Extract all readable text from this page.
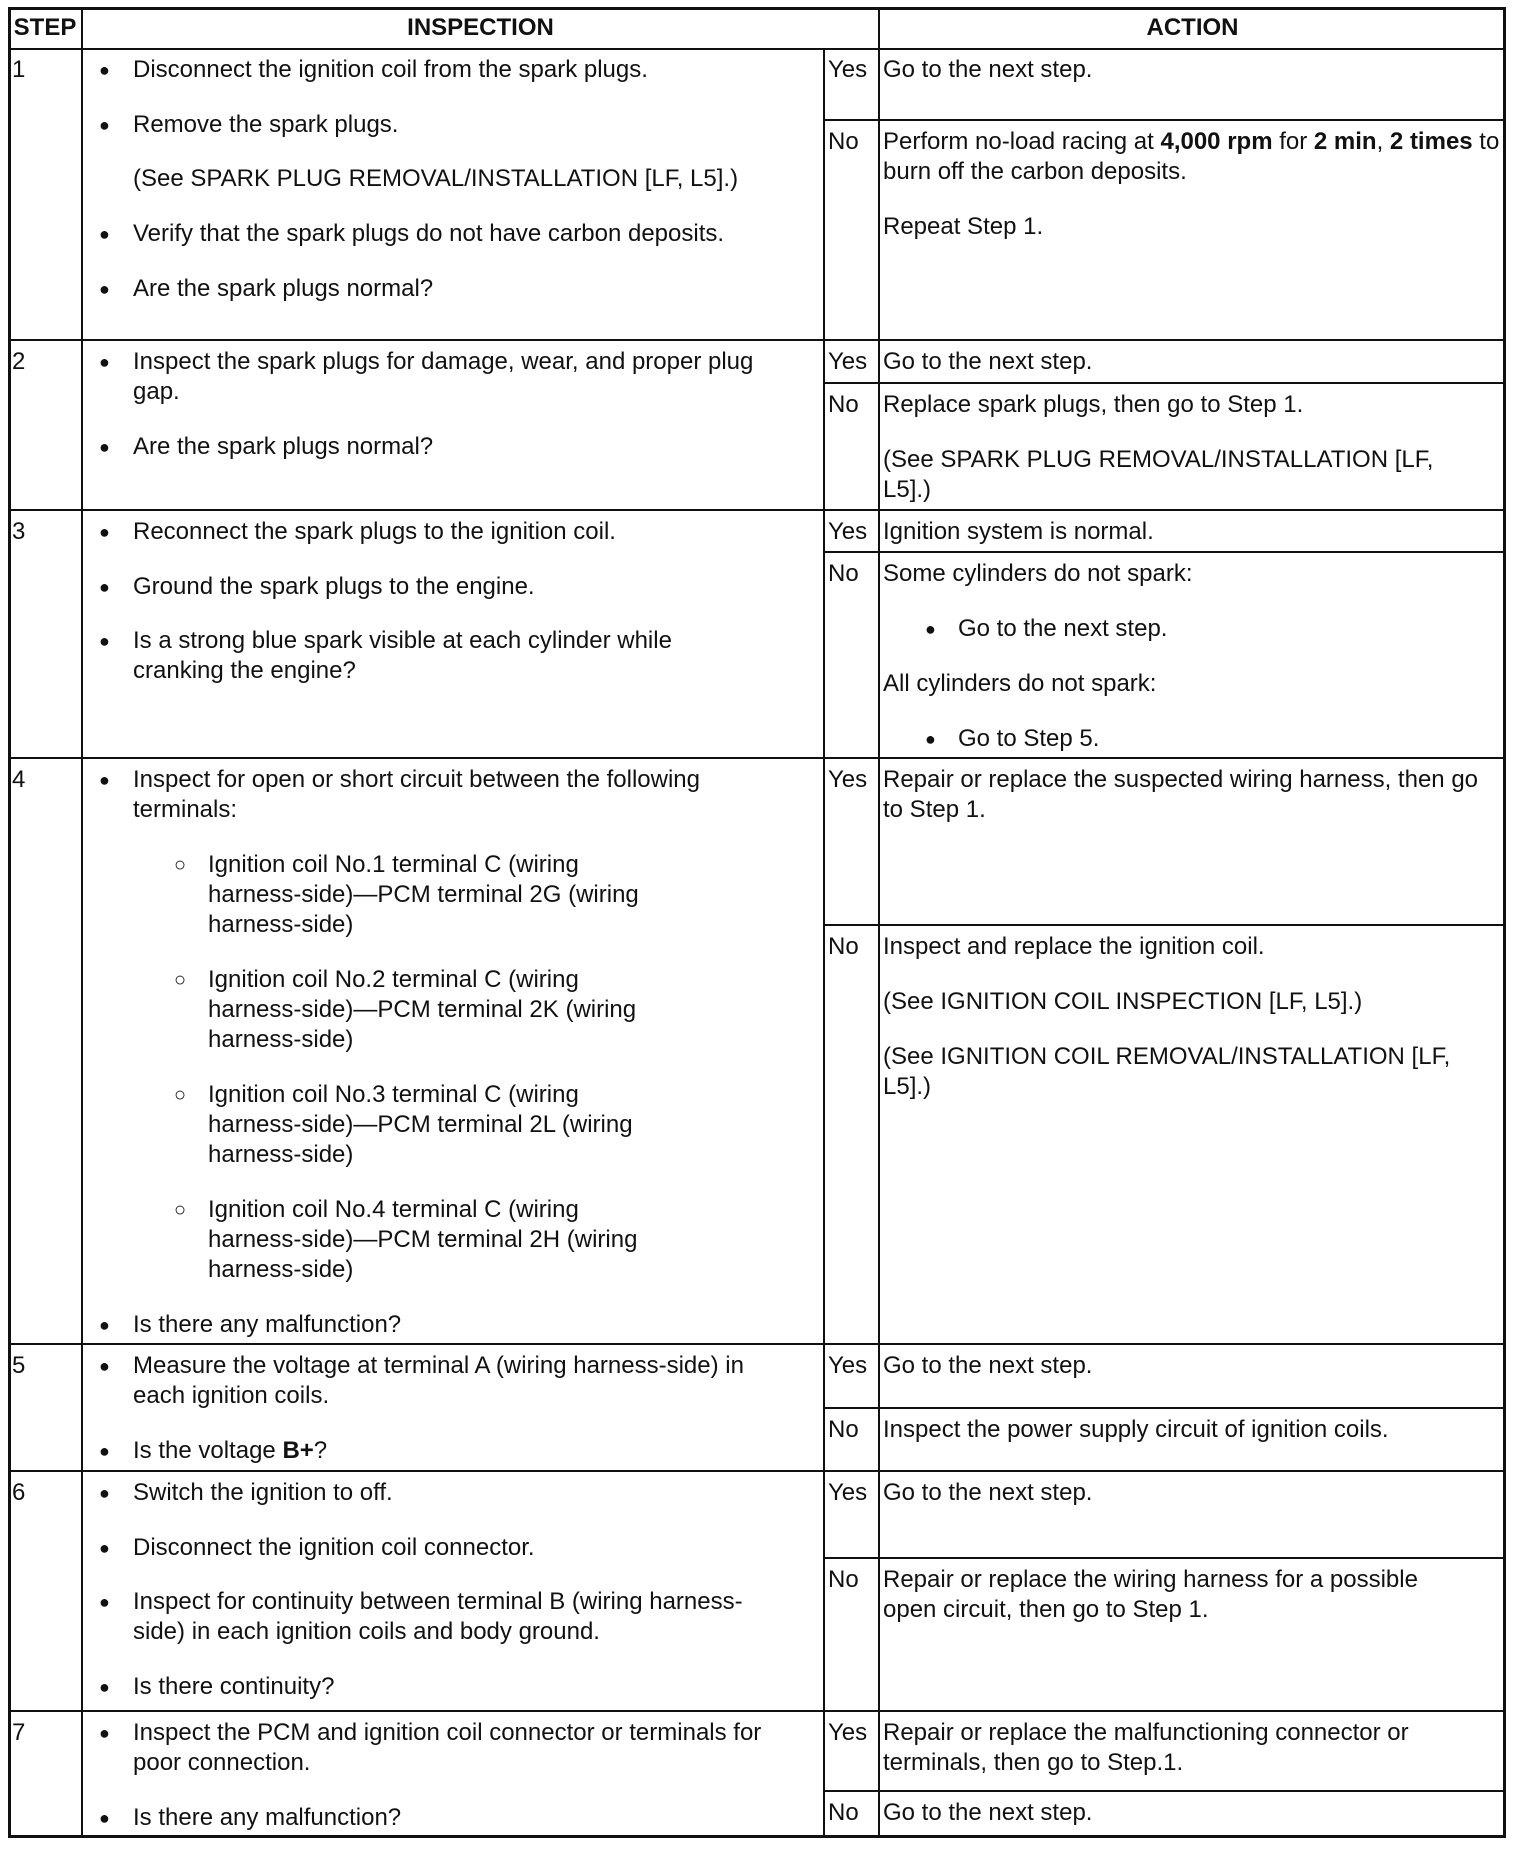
STEP	INSPECTION	ACTION
1	● Disconnect the ignition coil from the spark plugs.

● Remove the spark plugs.

(See SPARK PLUG REMOVAL/INSTALLATION [LF, L5].)

● Verify that the spark plugs do not have carbon deposits.

● Are the spark plugs normal?

Yes Go to the next step.
No	Perform no-load racing at 4,000 rpm for 2 min, 2 times to burn off the carbon deposits.

Repeat Step 1.

2	● Inspect the spark plugs for damage, wear, and proper plug gap.

● Are the spark plugs normal?

Yes Go to the next step.
No	Replace spark plugs, then go to Step 1.

(See SPARK PLUG REMOVAL/INSTALLATION [LF, L5].)

3	● Reconnect the spark plugs to the ignition coil.

● Ground the spark plugs to the engine.

● Is a strong blue spark visible at each cylinder while cranking the engine?

Yes Ignition system is normal.
No	Some cylinders do not spark:

● Go to the next step.

All cylinders do not spark:

● Go to Step 5.

4	● Inspect for open or short circuit between the following terminals:

○ Ignition coil No.1 terminal C (wiring harness-side)—PCM terminal 2G (wiring harness-side)

○ Ignition coil No.2 terminal C (wiring harness-side)—PCM terminal 2K (wiring harness-side)

○ Ignition coil No.3 terminal C (wiring harness-side)—PCM terminal 2L (wiring harness-side)

○ Ignition coil No.4 terminal C (wiring harness-side)—PCM terminal 2H (wiring harness-side)

● Is there any malfunction?

Yes Repair or replace the suspected wiring harness, then go to Step 1.
No	Inspect and replace the ignition coil.

(See IGNITION COIL INSPECTION [LF, L5].)

(See IGNITION COIL REMOVAL/INSTALLATION [LF, L5].)

5	● Measure the voltage at terminal A (wiring harness-side) in each ignition coils.

● Is the voltage B+?

Yes Go to the next step.
No	Inspect the power supply circuit of ignition coils.
6	● Switch the ignition to off.

● Disconnect the ignition coil connector.

● Inspect for continuity between terminal B (wiring harness-side) in each ignition coils and body ground.

● Is there continuity?

Yes Go to the next step.
No	Repair or replace the wiring harness for a possible open circuit, then go to Step 1.
7	● Inspect the PCM and ignition coil connector or terminals for poor connection.

● Is there any malfunction?

Yes Repair or replace the malfunctioning connector or terminals, then go to Step.1.
No	Go to the next step.
